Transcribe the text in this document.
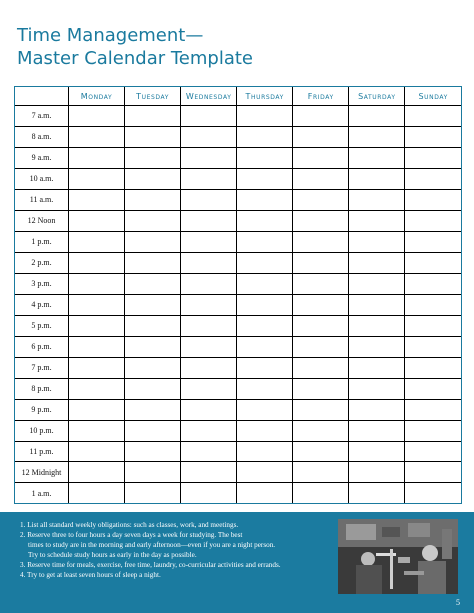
Time Management—
Master Calendar Template
	Monday	Tuesday	Wednesday	Thursday	Friday	Saturday	Sunday
7 a.m.							
8 a.m.							
9 a.m.							
10 a.m.							
11 a.m.							
12 Noon							
1 p.m.							
2 p.m.							
3 p.m.							
4 p.m.							
5 p.m.							
6 p.m.							
7 p.m.							
8 p.m.							
9 p.m.							
10 p.m.							
11 p.m.							
12 Midnight							
1 a.m.							
1. List all standard weekly obligations: such as classes, work, and meetings.
2. Reserve three to four hours a day seven days a week for studying. The best
times to study are in the morning and early afternoon—even if you are a night person.
Try to schedule study hours as early in the day as possible.
3. Reserve time for meals, exercise, free time, laundry, co-curricular activities and errands.
4. Try to get at least seven hours of sleep a night.
5
